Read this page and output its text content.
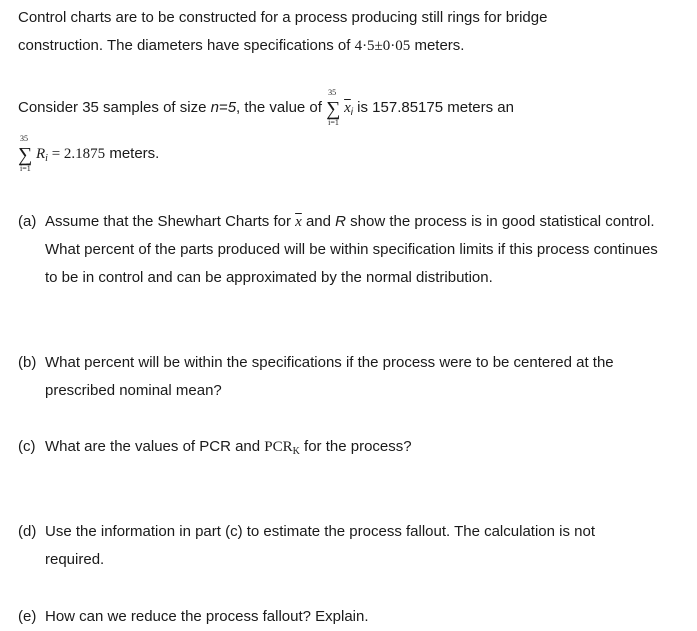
Control charts are to be constructed for a process producing still rings for bridge
construction. The diameters have specifications of 4·5±0·05 meters.
Consider 35 samples of size n=5, the value of
35
∑
i=1
$\overline{x}_i$ is 157.85175 meters an
35
∑
i=1
$R_i = 2.1875$ meters.
(a) Assume that the Shewhart Charts for $\overline{x}$ and R show the process is in good statistical control. What percent of the parts produced will be within specification limits if this process continues to be in control and can be approximated by the normal distribution.
(b) What percent will be within the specifications if the process were to be centered at the prescribed nominal mean?
(c) What are the values of PCR and $PCR_K$ for the process?
(d) Use the information in part (c) to estimate the process fallout. The calculation is not required.
(e) How can we reduce the process fallout? Explain.
